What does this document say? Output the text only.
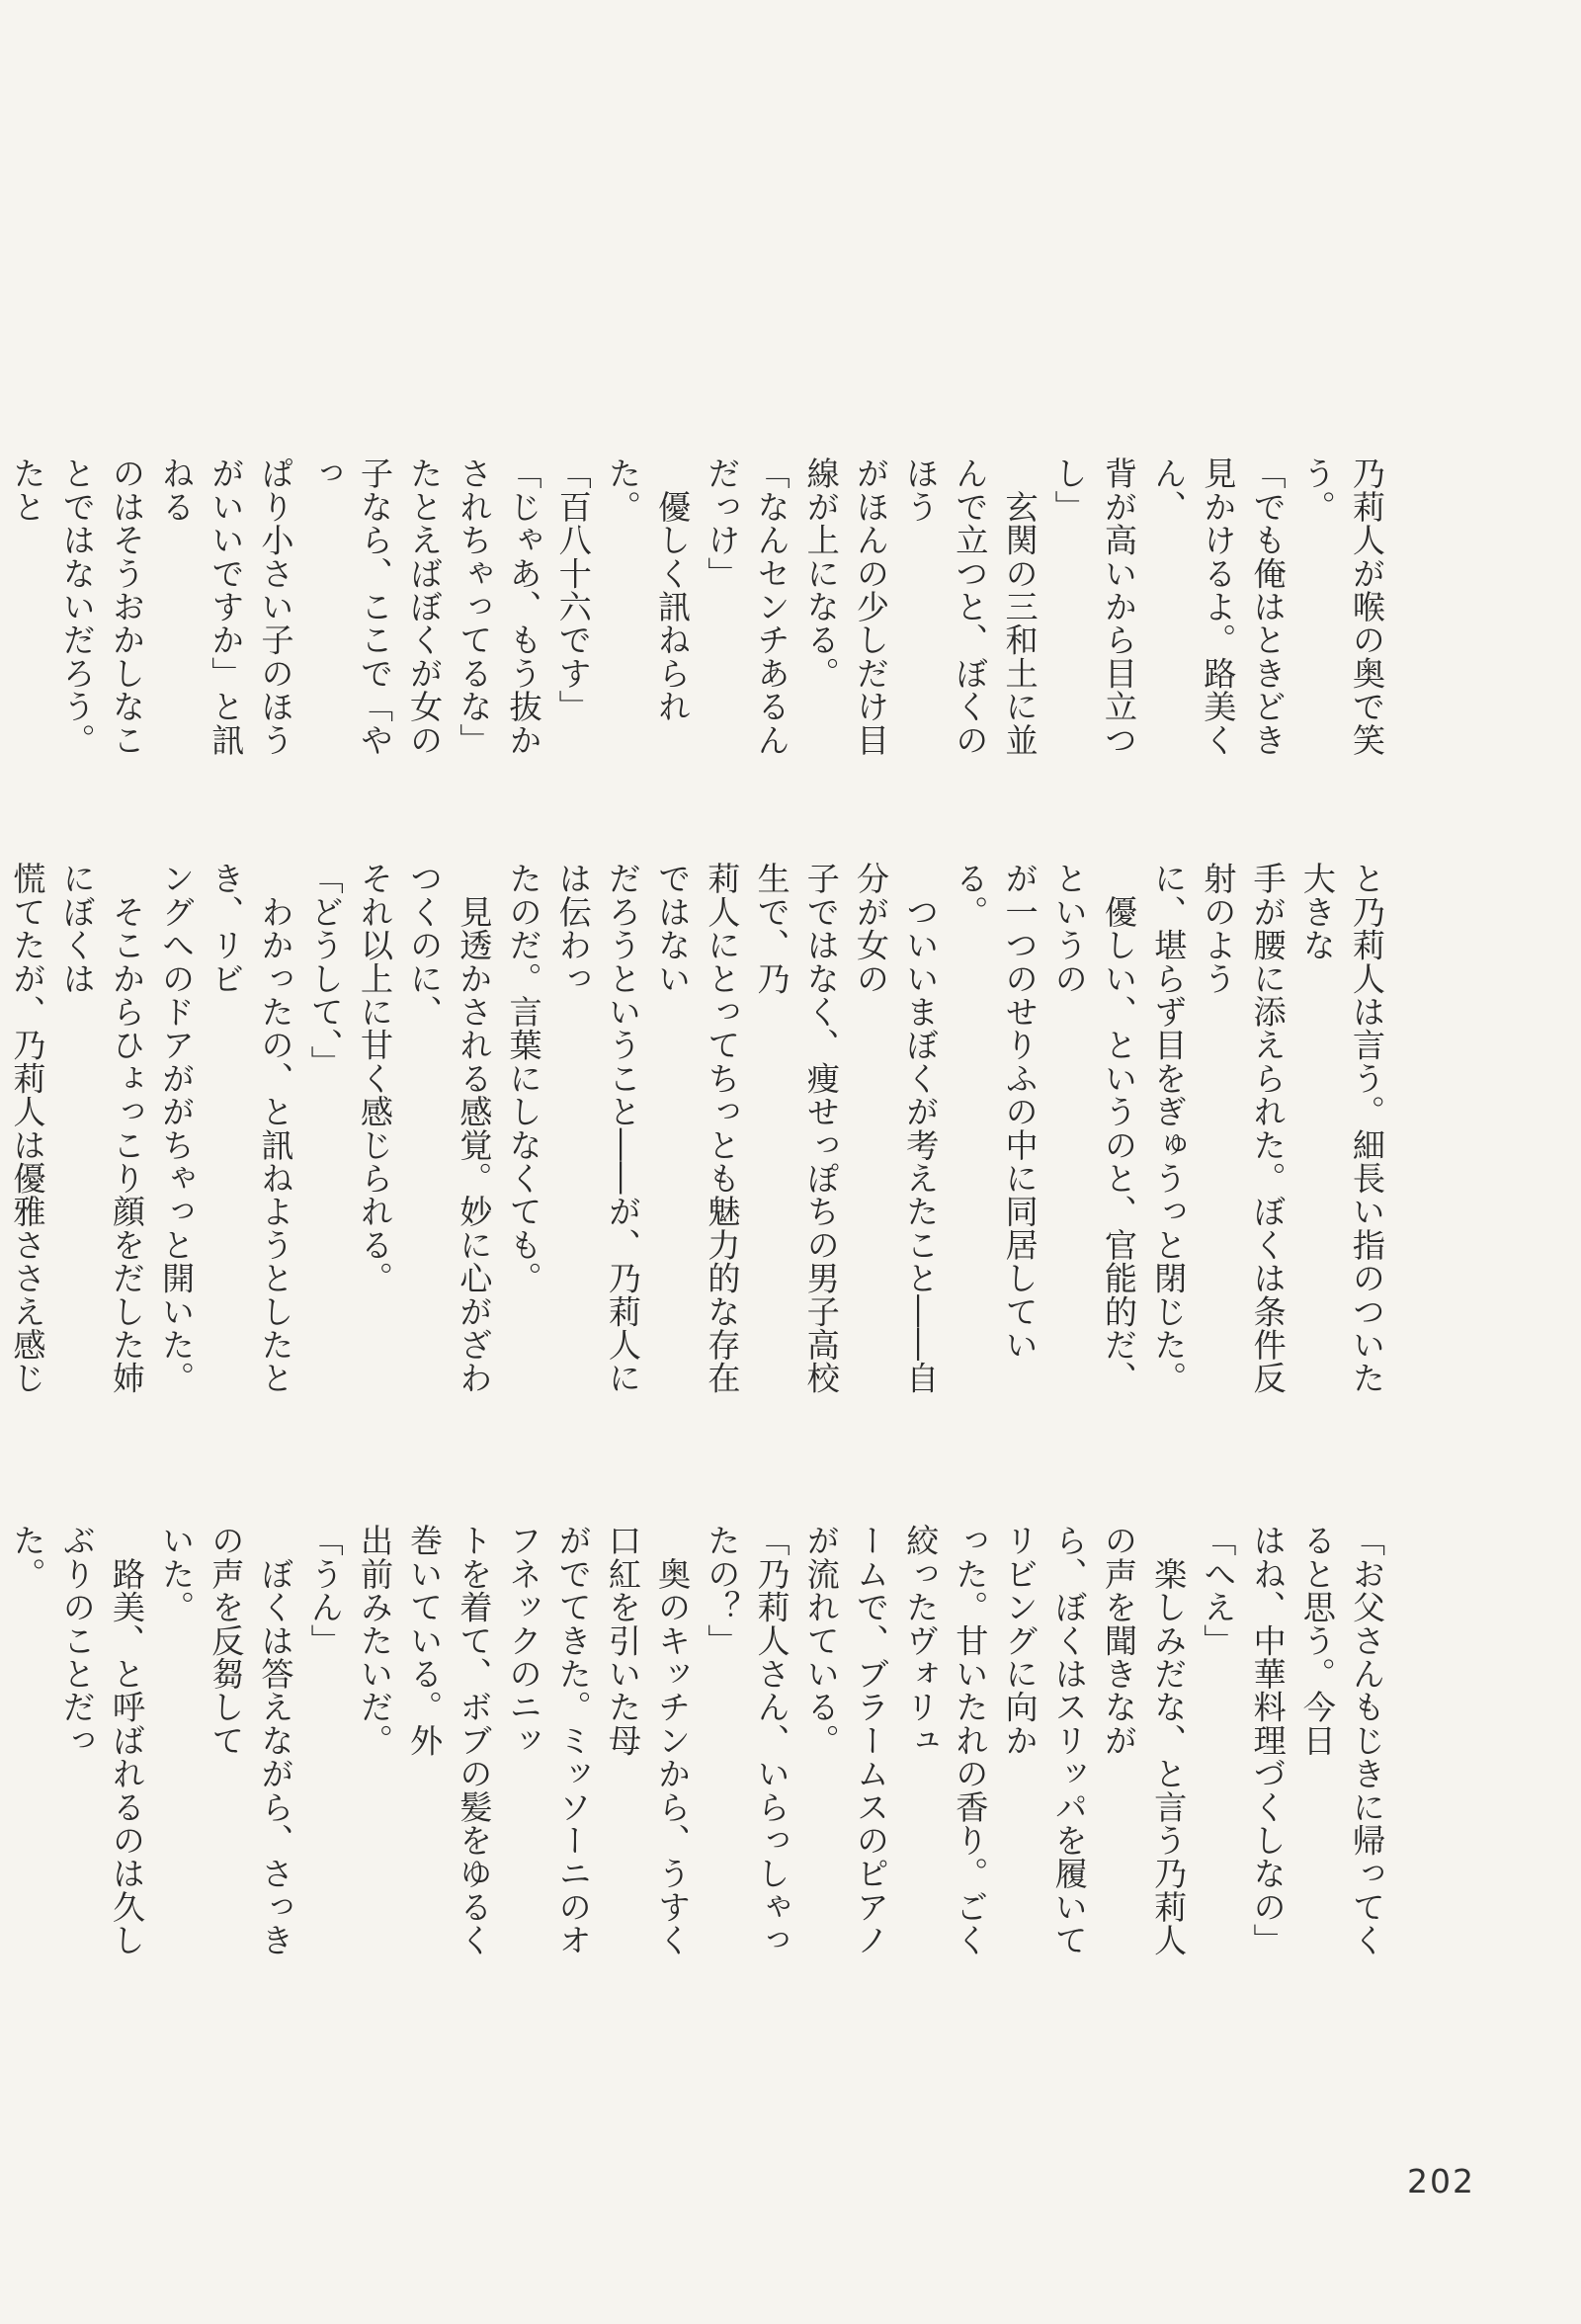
乃莉人が喉の奥で笑う。

「でも俺はときどき見かけるよ。路美くん、

背が高いから目立つし」

　玄関の三和土に並んで立つと、ぼくのほう

がほんの少しだけ目線が上になる。

「なんセンチあるんだっけ」

　優しく訊ねられた。

「百八十六です」

「じゃあ、もう抜かされちゃってるな」

たとえばぼくが女の子なら、ここで「やっ

ぱり小さい子のほうがいいですか」と訊ねる

のはそうおかしなことではないだろう。たと

と乃莉人は言う。細長い指のついた大きな

手が腰に添えられた。ぼくは条件反射のよう

に、堪らず目をぎゅうっと閉じた。

　優しい、というのと、官能的だ、というの

が一つのせりふの中に同居している。

　ついいまぼくが考えたこと――自分が女の

子ではなく、痩せっぽちの男子高校生で、乃

莉人にとってちっとも魅力的な存在ではない

だろうということ――が、乃莉人には伝わっ

たのだ。言葉にしなくても。

　見透かされる感覚。妙に心がざわつくのに、

それ以上に甘く感じられる。

「どうして、」

　わかったの、と訊ねようとしたとき、リビ

ングへのドアががちゃっと開いた。

　そこからひょっこり顔をだした姉にぼくは

慌てたが、乃莉人は優雅ささえ感じ

「お父さんもじきに帰ってくると思う。今日

はね、中華料理づくしなの」

「へえ」

　楽しみだな、と言う乃莉人の声を聞きなが

ら、ぼくはスリッパを履いてリビングに向か

った。甘いたれの香り。ごく絞ったヴォリュ

ームで、ブラームスのピアノが流れている。

「乃莉人さん、いらっしゃったの？」

　奥のキッチンから、うすく口紅を引いた母

がでてきた。ミッソーニのオフネックのニッ

トを着て、ボブの髪をゆるく巻いている。外

出前みたいだ。

「うん」

　ぼくは答えながら、さっきの声を反芻して

いた。

　路美、と呼ばれるのは久しぶりのことだっ

た。

202
